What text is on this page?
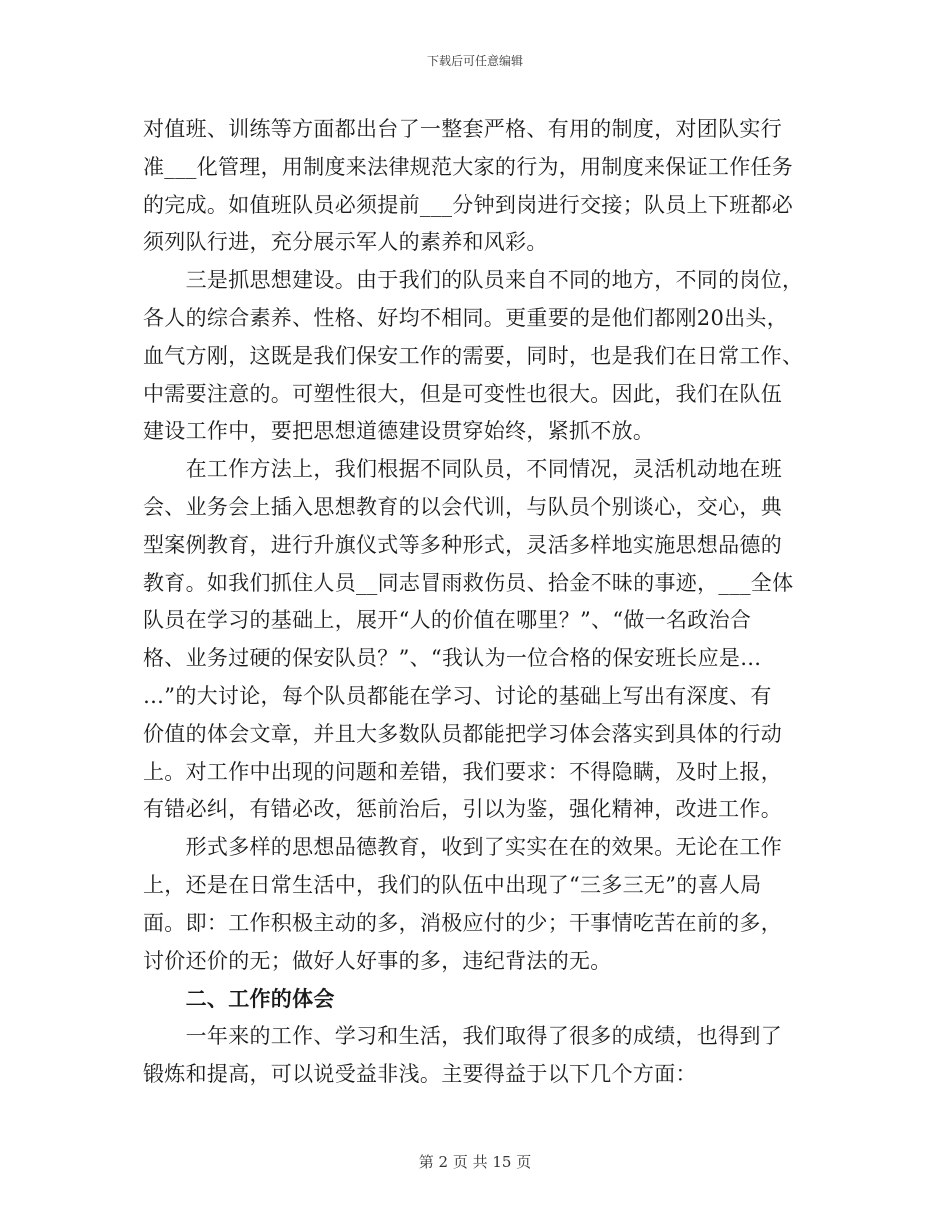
下载后可任意编辑
对值班、训练等方面都出台了一整套严格、有用的制度，对团队实行
准___化管理，用制度来法律规范大家的行为，用制度来保证工作任务
的完成。如值班队员必须提前___分钟到岗进行交接；队员上下班都必
须列队行进，充分展示军人的素养和风彩。
　　三是抓思想建设。由于我们的队员来自不同的地方，不同的岗位，
各人的综合素养、性格、好均不相同。更重要的是他们都刚20出头，
血气方刚，这既是我们保安工作的需要，同时，也是我们在日常工作、
中需要注意的。可塑性很大，但是可变性也很大。因此，我们在队伍
建设工作中，要把思想道德建设贯穿始终，紧抓不放。
　　在工作方法上，我们根据不同队员，不同情况，灵活机动地在班
会、业务会上插入思想教育的以会代训，与队员个别谈心，交心，典
型案例教育，进行升旗仪式等多种形式，灵活多样地实施思想品德的
教育。如我们抓住人员__同志冒雨救伤员、拾金不昧的事迹，___全体
队员在学习的基础上，展开“人的价值在哪里？”、“做一名政治合
格、业务过硬的保安队员？”、“我认为一位合格的保安班长应是…
…”的大讨论，每个队员都能在学习、讨论的基础上写出有深度、有
价值的体会文章，并且大多数队员都能把学习体会落实到具体的行动
上。对工作中出现的问题和差错，我们要求：不得隐瞒，及时上报，
有错必纠，有错必改，惩前治后，引以为鉴，强化精神，改进工作。
　　形式多样的思想品德教育，收到了实实在在的效果。无论在工作
上，还是在日常生活中，我们的队伍中出现了“三多三无”的喜人局
面。即：工作积极主动的多，消极应付的少；干事情吃苦在前的多，
讨价还价的无；做好人好事的多，违纪背法的无。
　　二、工作的体会
　　一年来的工作、学习和生活，我们取得了很多的成绩，也得到了
锻炼和提高，可以说受益非浅。主要得益于以下几个方面：
第 2 页 共 15 页
